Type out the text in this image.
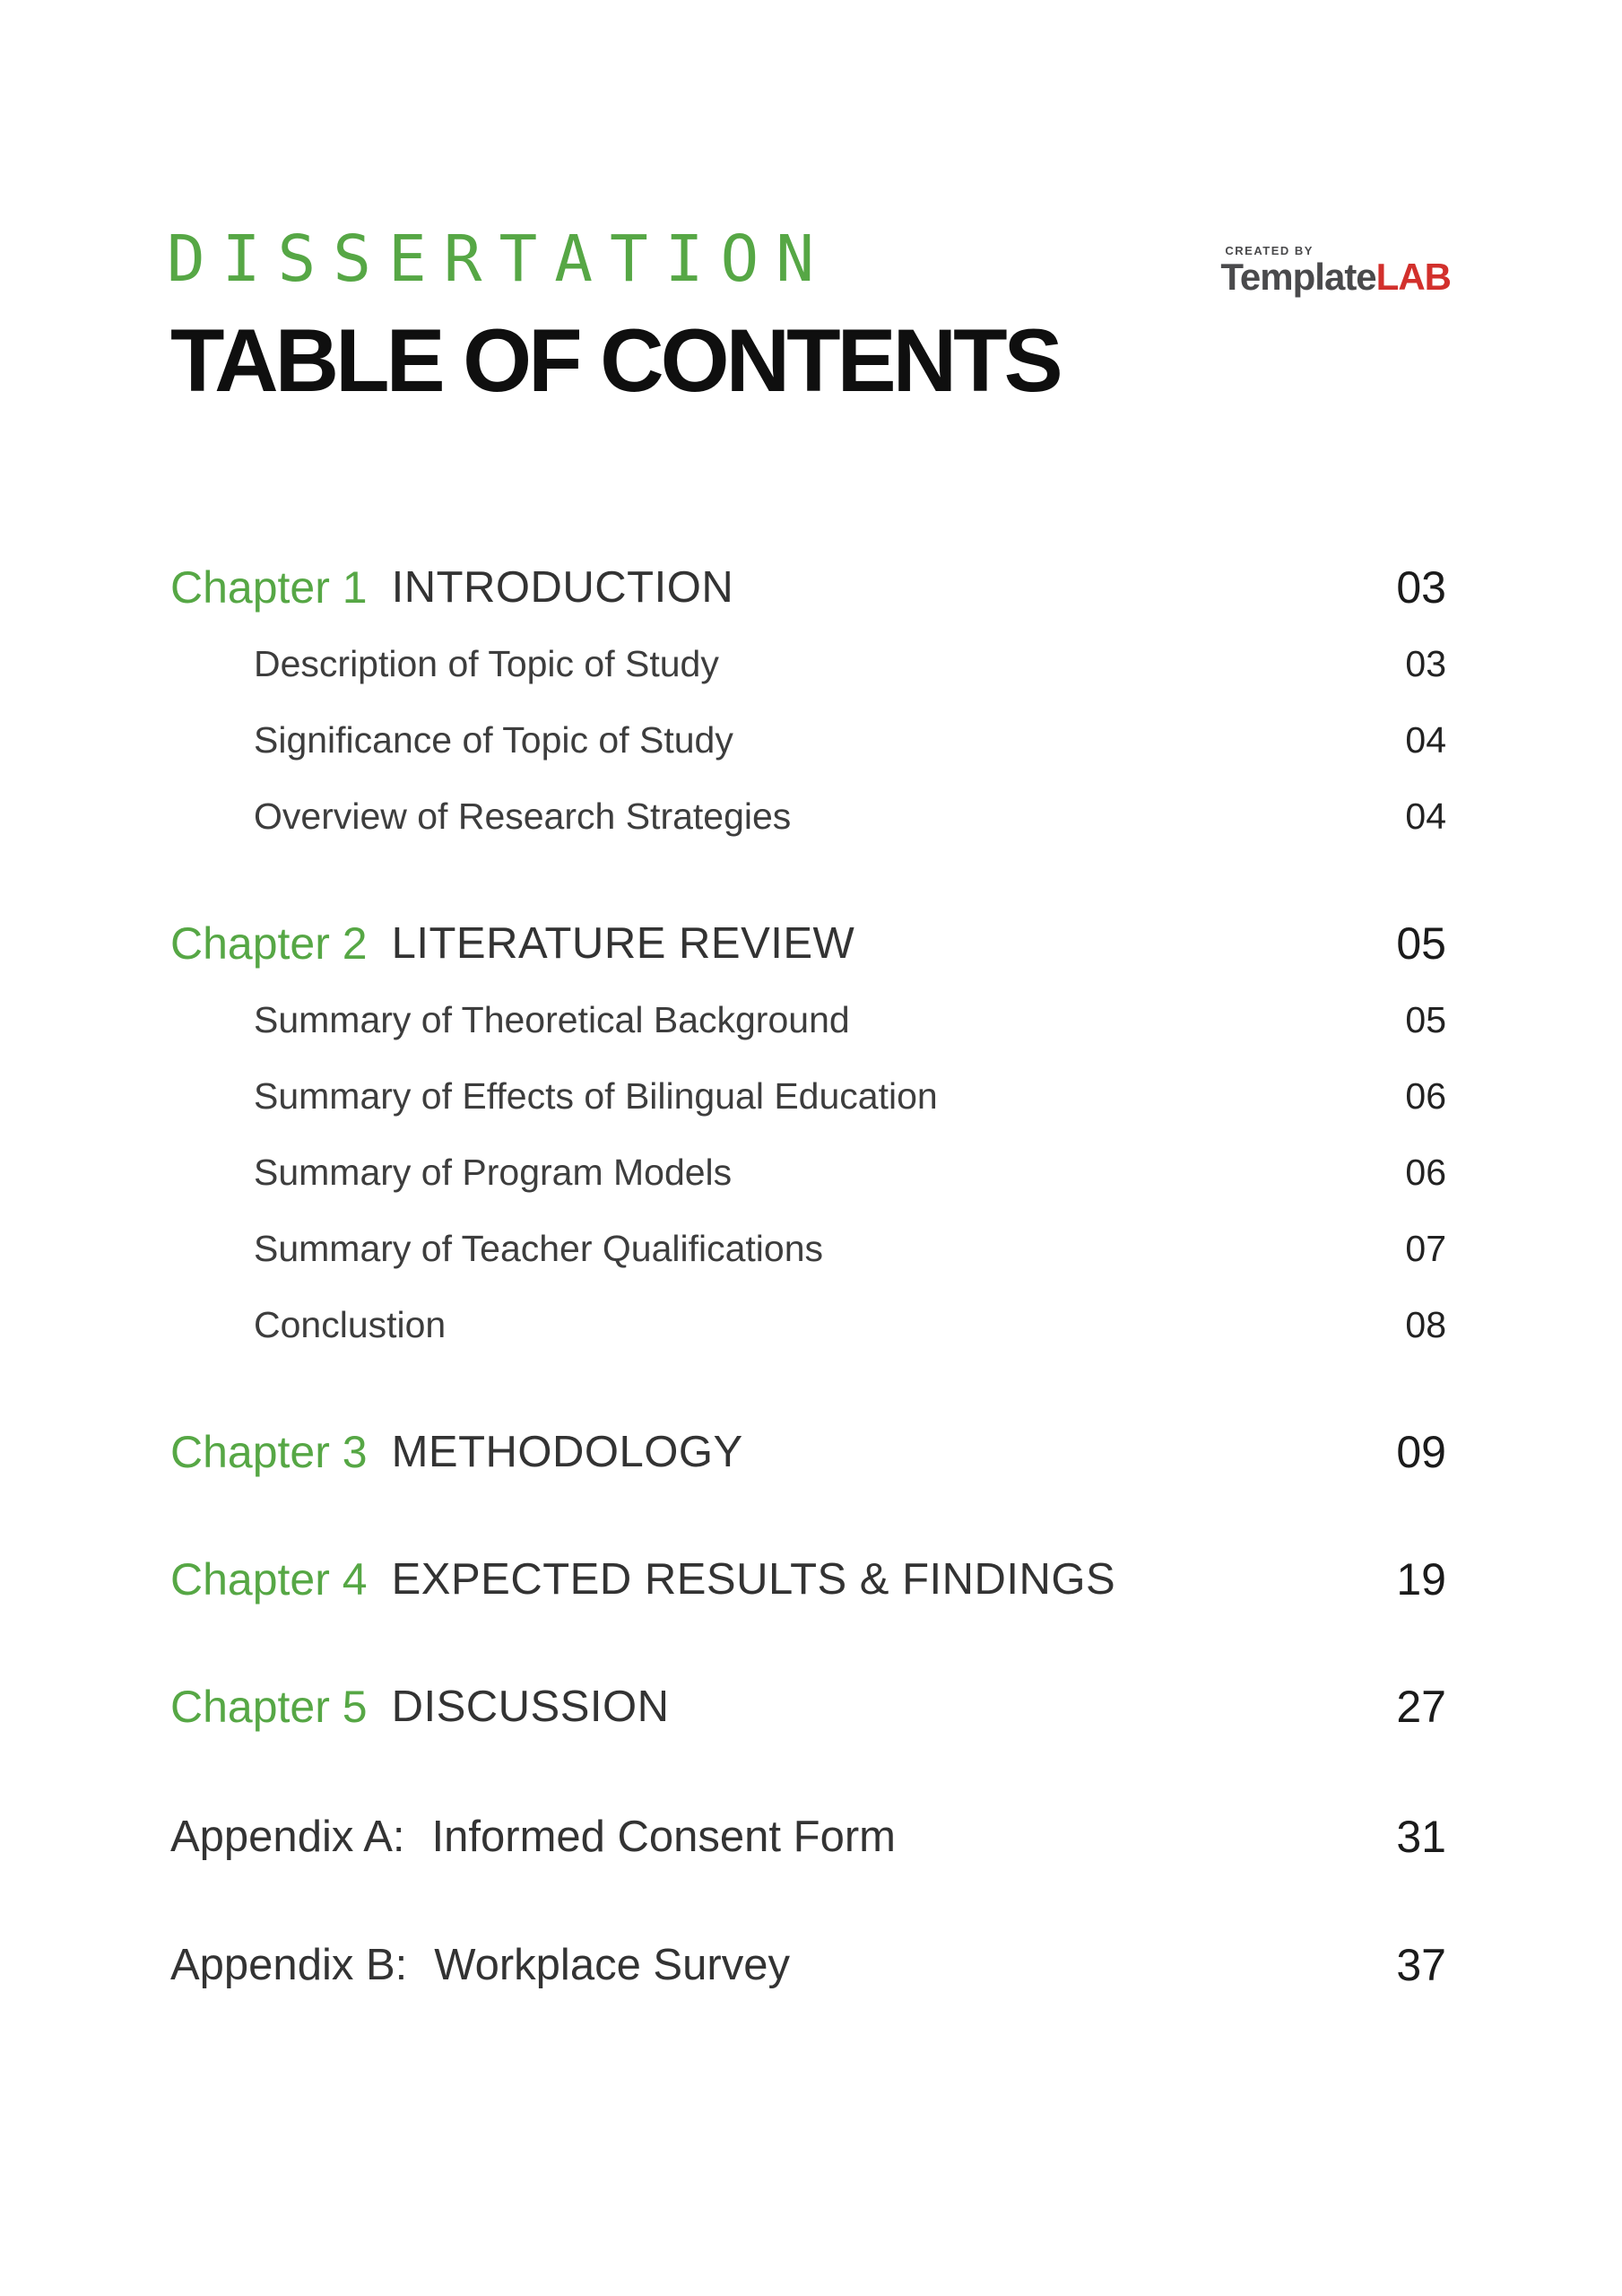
DISSERTATION
TABLE OF CONTENTS
CREATED BY
TemplateLAB
Chapter 1 INTRODUCTION	03
Description of Topic of Study	03
Significance of Topic of Study	04
Overview of Research Strategies	04
Chapter 2 LITERATURE REVIEW	05
Summary of Theoretical Background	05
Summary of Effects of Bilingual Education	06
Summary of Program Models	06
Summary of Teacher Qualifications	07
Conclustion	08
Chapter 3 METHODOLOGY	09
Chapter 4 EXPECTED RESULTS & FINDINGS	19
Chapter 5 DISCUSSION	27
Appendix A: Informed Consent Form	31
Appendix B: Workplace Survey	37
